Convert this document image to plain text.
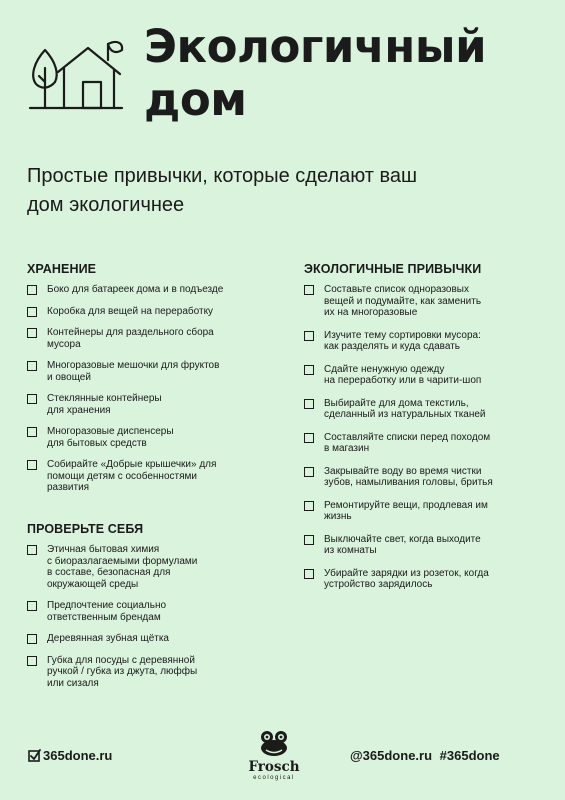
Экологичный
дом
Простые привычки, которые сделают ваш
дом экологичнее
ХРАНЕНИЕ
Боко для батареек дома и в подъезде
Коробка для вещей на переработку
Контейнеры для раздельного сбора
мусора
Многоразовые мешочки для фруктов
и овощей
Стеклянные контейнеры
для хранения
Многоразовые диспенсеры
для бытовых средств
Собирайте «Добрые крышечки» для
помощи детям с особенностями
развития
ПРОВЕРЬТЕ СЕБЯ
Этичная бытовая химия
с биоразлагаемыми формулами
в составе, безопасная для
окружающей среды
Предпочтение социально
ответственным брендам
Деревянная зубная щётка
Губка для посуды с деревянной
ручкой / губка из джута, люффы
или сизаля
ЭКОЛОГИЧНЫЕ ПРИВЫЧКИ
Составьте список одноразовых
вещей и подумайте, как заменить
их на многоразовые
Изучите тему сортировки мусора:
как разделять и куда сдавать
Сдайте ненужную одежду
на переработку или в чарити-шоп
Выбирайте для дома текстиль,
сделанный из натуральных тканей
Составляйте списки перед походом
в магазин
Закрывайте воду во время чистки
зубов, намыливания головы, бритья
Ремонтируйте вещи, продлевая им
жизнь
Выключайте свет, когда выходите
из комнаты
Убирайте зарядки из розеток, когда
устройство зарядилось
365done.ru
Frosch
ecological
@365done.ru #365done
